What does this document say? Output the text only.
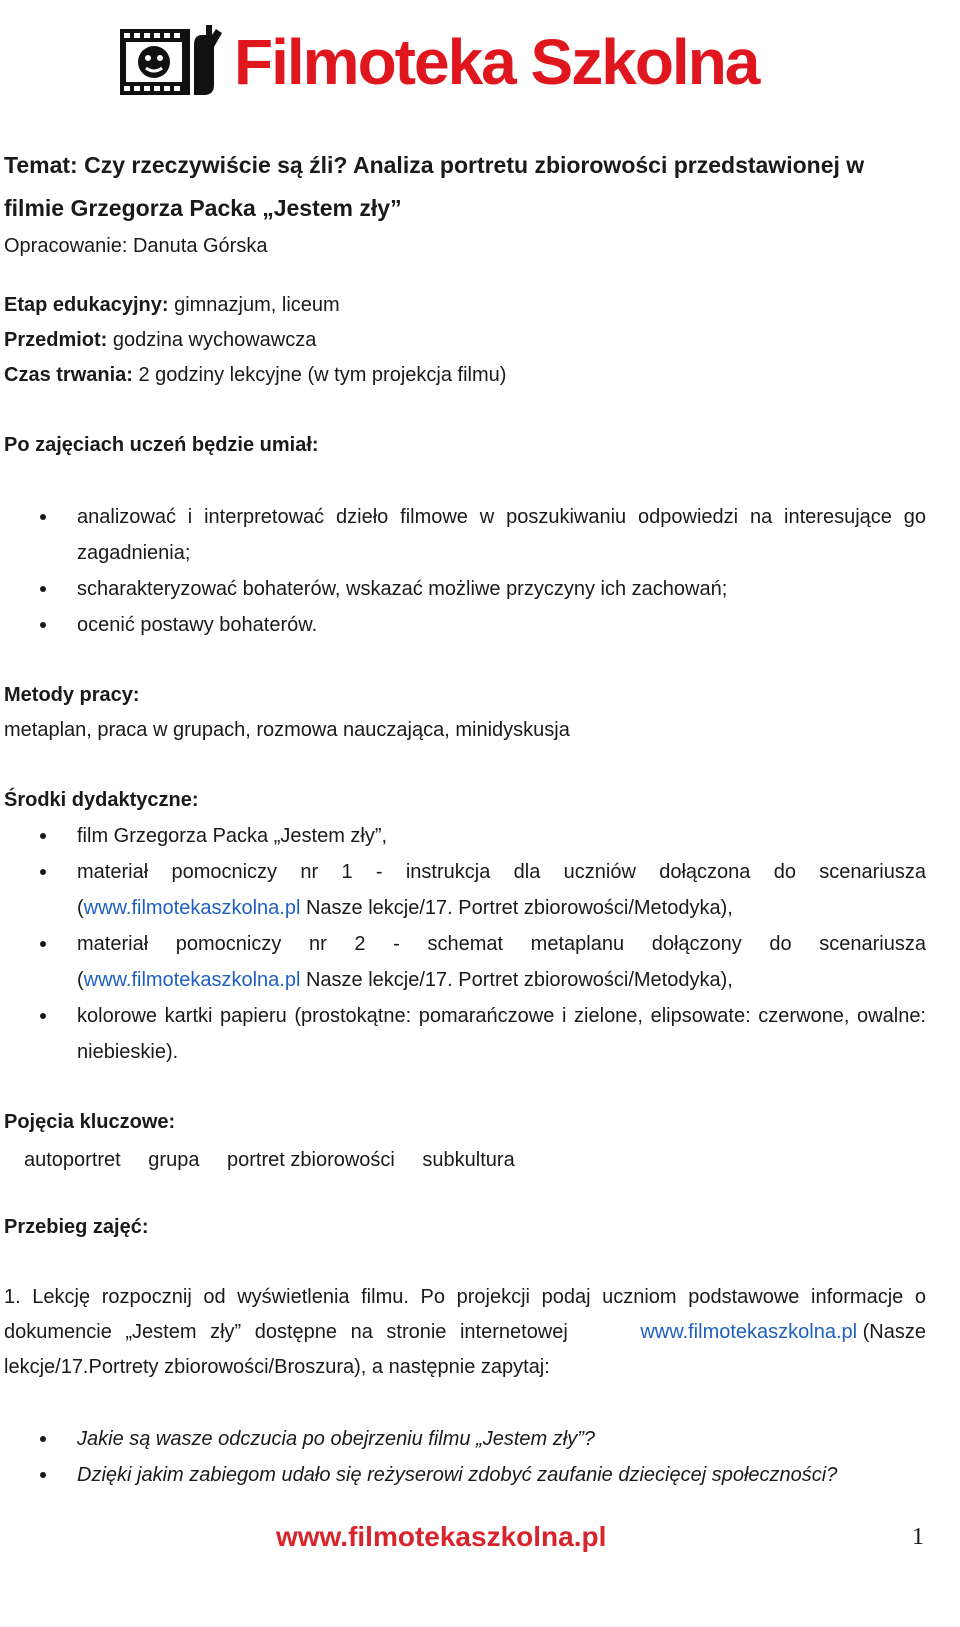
Filmoteka Szkolna
Temat: Czy rzeczywiście są źli? Analiza portretu zbiorowości przedstawionej w filmie Grzegorza Packa „Jestem zły”
Opracowanie: Danuta Górska
Etap edukacyjny: gimnazjum, liceum
Przedmiot: godzina wychowawcza
Czas trwania: 2 godziny lekcyjne (w tym projekcja filmu)
Po zajęciach uczeń będzie umiał:
analizować i interpretować dzieło filmowe w poszukiwaniu odpowiedzi na interesujące go zagadnienia;
scharakteryzować bohaterów, wskazać możliwe przyczyny ich zachowań;
ocenić postawy bohaterów.
Metody pracy:
metaplan, praca w grupach, rozmowa nauczająca, minidyskusja
Środki dydaktyczne:
film Grzegorza Packa „Jestem zły”,
materiał pomocniczy nr 1 - instrukcja dla uczniów dołączona do scenariusza
(www.filmotekaszkolna.pl Nasze lekcje/17. Portret zbiorowości/Metodyka),
materiał pomocniczy nr 2 - schemat metaplanu dołączony do scenariusza
(www.filmotekaszkolna.pl Nasze lekcje/17. Portret zbiorowości/Metodyka),
kolorowe kartki papieru (prostokątne: pomarańczowe i zielone, elipsowate: czerwone, owalne: niebieskie).
Pojęcia kluczowe:
autoportret grupa portret zbiorowości subkultura
Przebieg zajęć:
1. Lekcję rozpocznij od wyświetlenia filmu. Po projekcji podaj uczniom podstawowe informacje o
dokumencie „Jestem zły” dostępne na stronie internetowej	www.filmotekaszkolna.pl (Nasze
lekcje/17.Portrety zbiorowości/Broszura), a następnie zapytaj:
Jakie są wasze odczucia po obejrzeniu filmu „Jestem zły”?
Dzięki jakim zabiegom udało się reżyserowi zdobyć zaufanie dziecięcej społeczności?
www.filmotekaszkolna.pl	1
